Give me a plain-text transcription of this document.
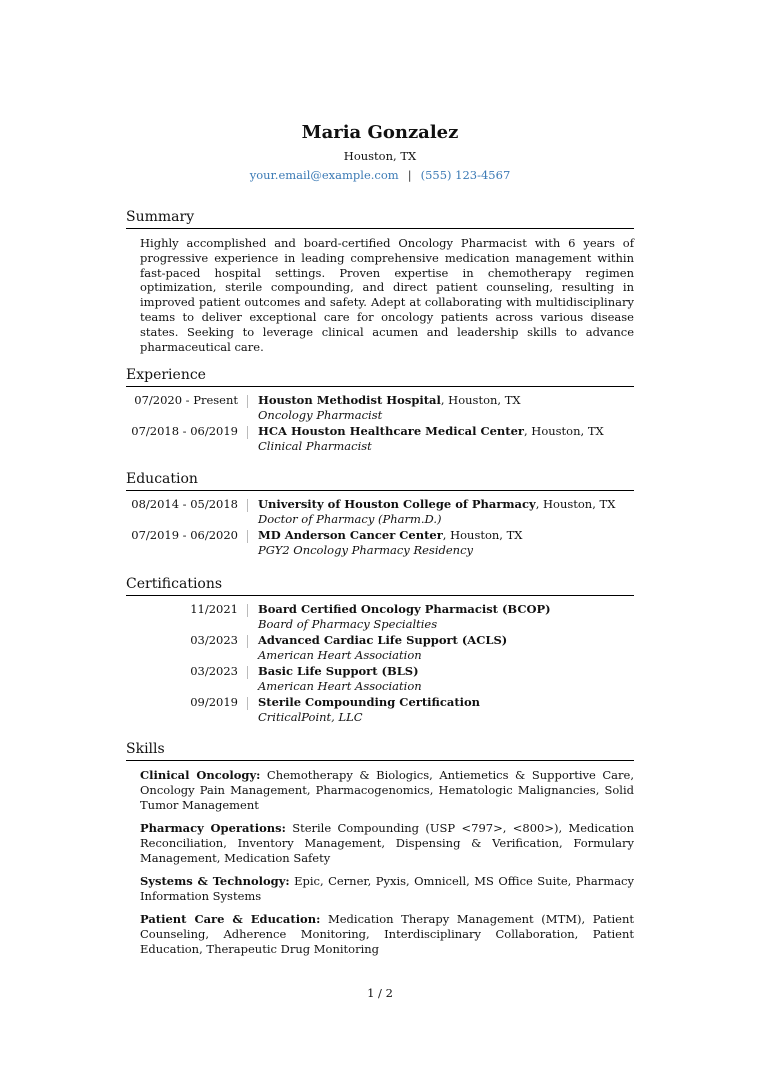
Maria Gonzalez
Houston, TX
your.email@example.com | (555) 123-4567
Summary
Highly accomplished and board-certified Oncology Pharmacist with 6 years of progressive experience in leading comprehensive medication management within fast-paced hospital settings. Proven expertise in chemotherapy regimen optimization, sterile compounding, and direct patient counseling, resulting in improved patient outcomes and safety. Adept at collaborating with multidisciplinary teams to deliver exceptional care for oncology patients across various disease states. Seeking to leverage clinical acumen and leadership skills to advance pharmaceutical care.
Experience
07/2020 - Present Houston Methodist Hospital, Houston, TX
Oncology Pharmacist
07/2018 - 06/2019 HCA Houston Healthcare Medical Center, Houston, TX
Clinical Pharmacist
Education
08/2014 - 05/2018 University of Houston College of Pharmacy, Houston, TX
Doctor of Pharmacy (Pharm.D.)
07/2019 - 06/2020 MD Anderson Cancer Center, Houston, TX
PGY2 Oncology Pharmacy Residency
Certifications
11/2021 Board Certified Oncology Pharmacist (BCOP)
Board of Pharmacy Specialties
03/2023 Advanced Cardiac Life Support (ACLS)
American Heart Association
03/2023 Basic Life Support (BLS)
American Heart Association
09/2019 Sterile Compounding Certification
CriticalPoint, LLC
Skills
Clinical Oncology: Chemotherapy & Biologics, Antiemetics & Supportive Care, Oncology Pain Management, Pharmacogenomics, Hematologic Malignancies, Solid Tumor Management
Pharmacy Operations: Sterile Compounding (USP <797>, <800>), Medication Reconciliation, Inventory Management, Dispensing & Verification, Formulary Management, Medication Safety
Systems & Technology: Epic, Cerner, Pyxis, Omnicell, MS Office Suite, Pharmacy Information Systems
Patient Care & Education: Medication Therapy Management (MTM), Patient Counseling, Adherence Monitoring, Interdisciplinary Collaboration, Patient Education, Therapeutic Drug Monitoring
1 / 2
